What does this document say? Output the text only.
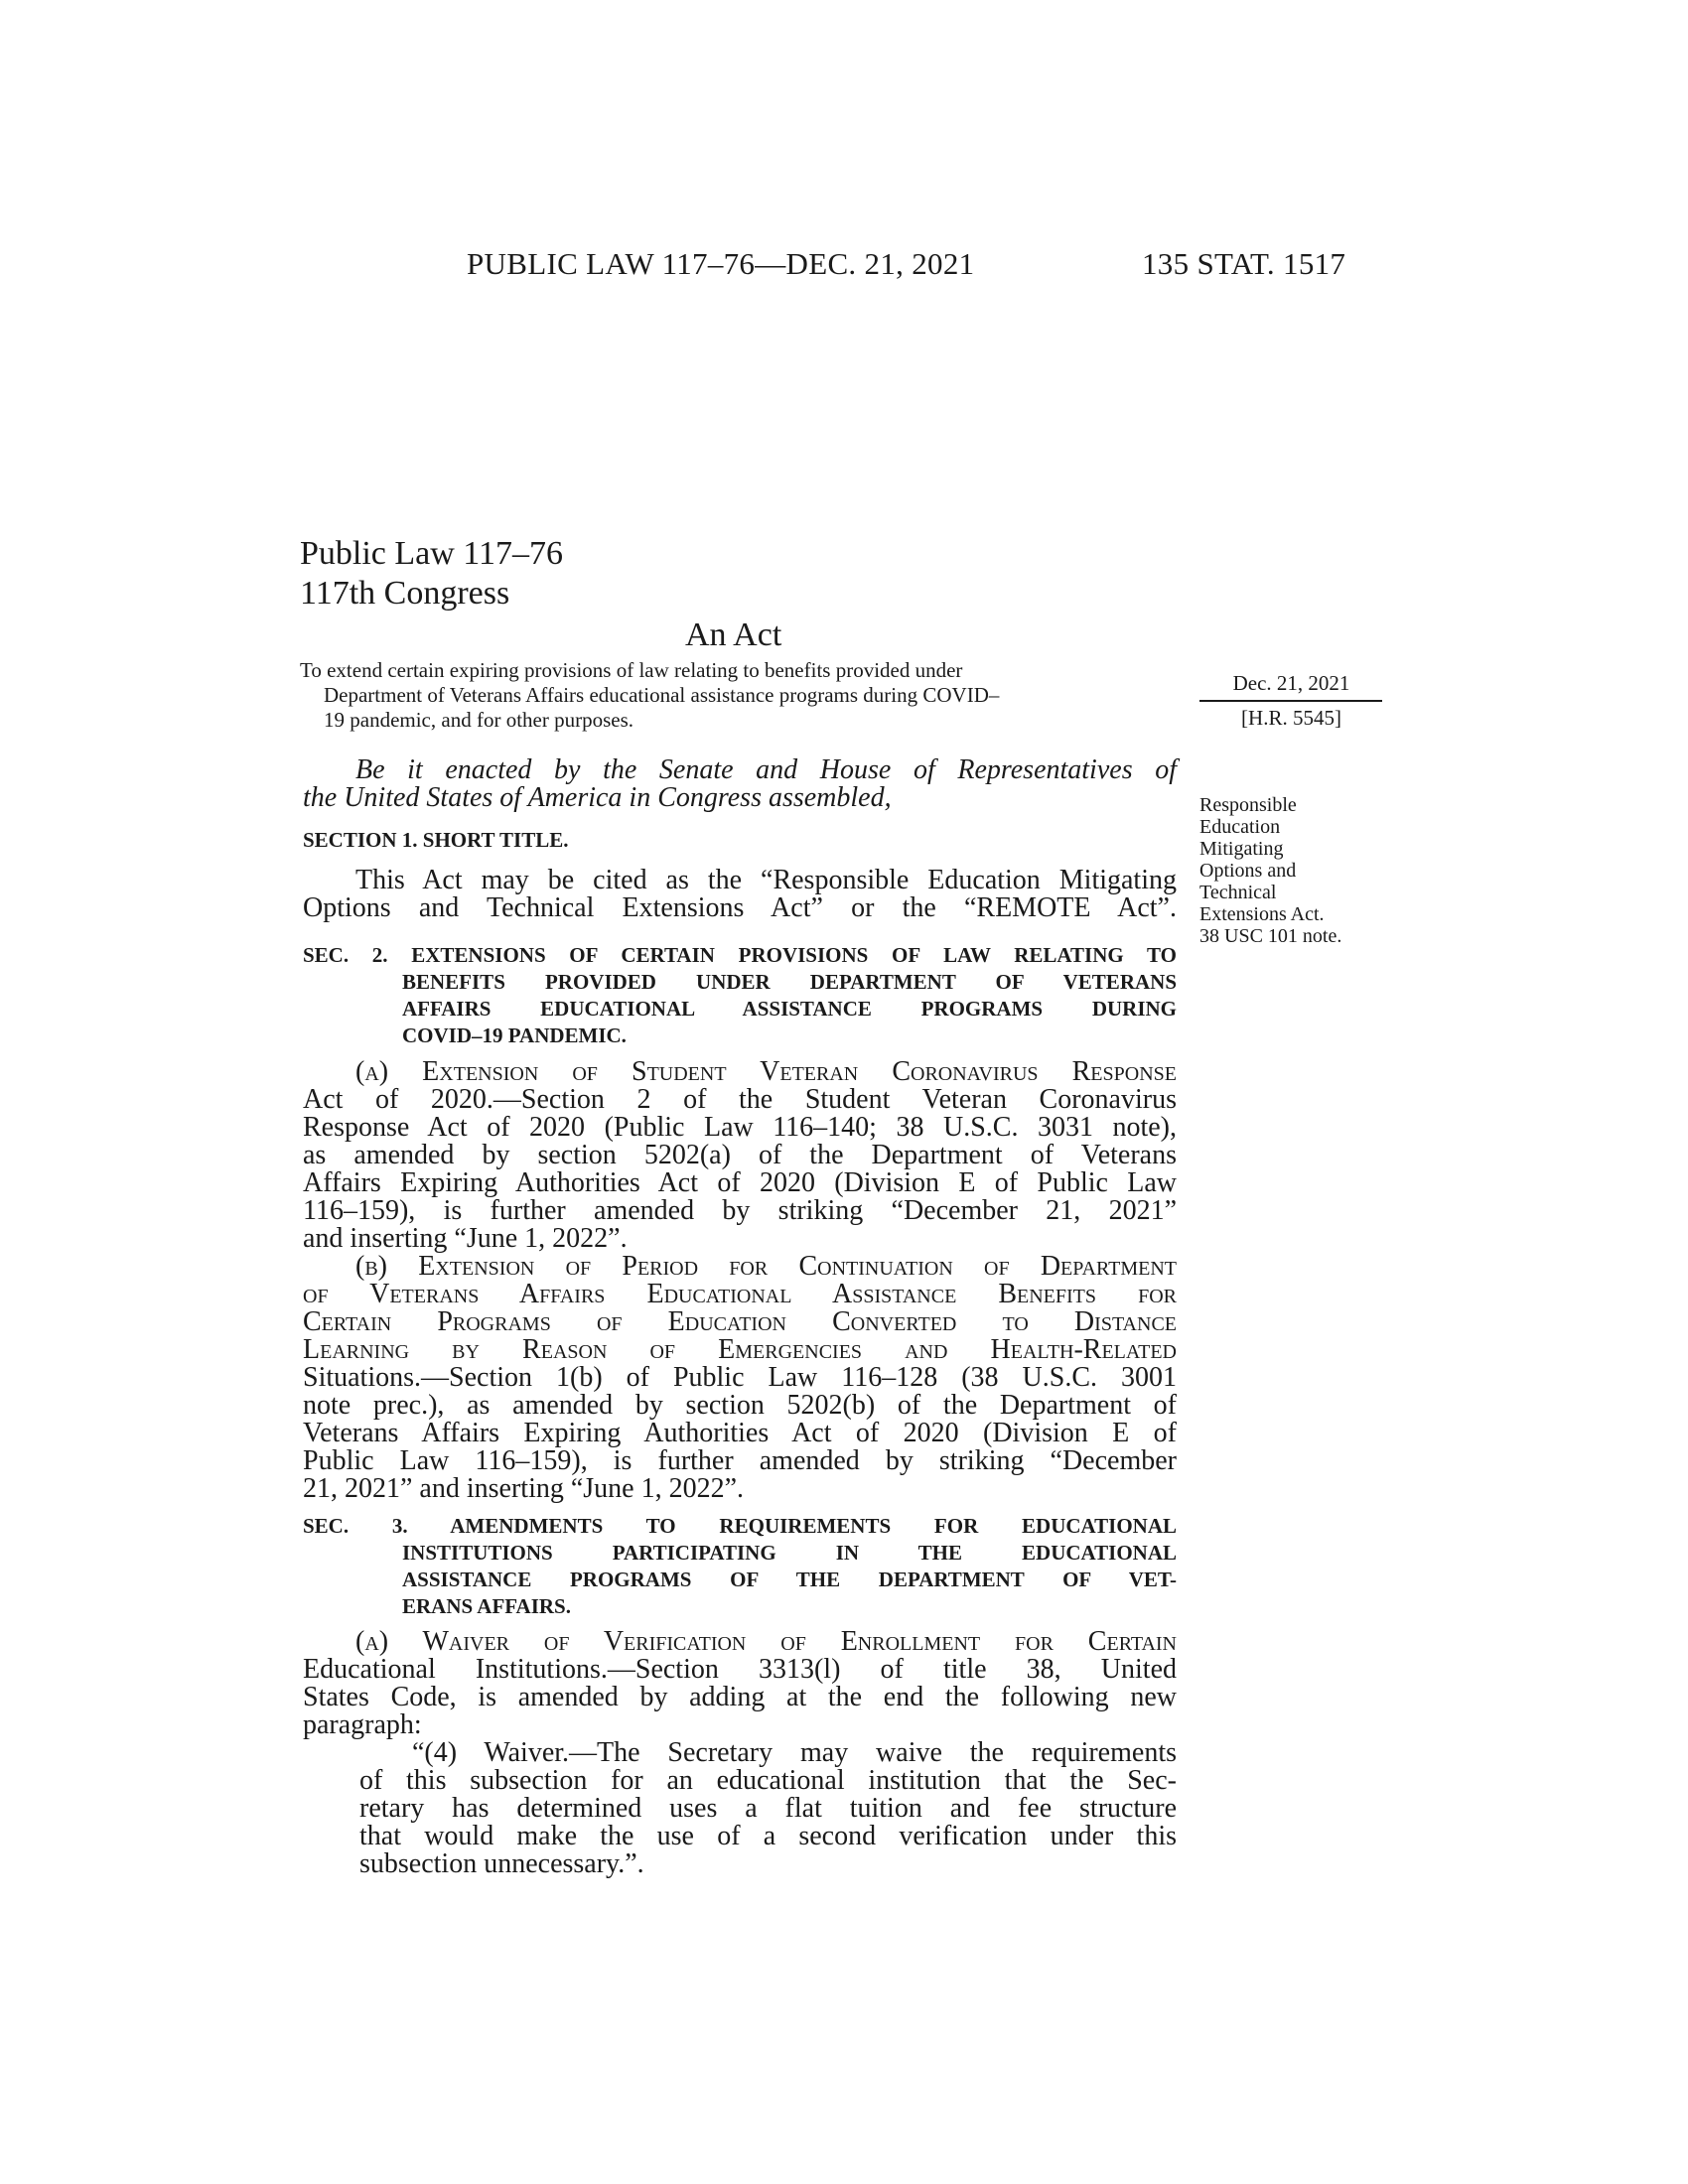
PUBLIC LAW 117–76—DEC. 21, 2021	135 STAT. 1517
Public Law 117–76
117th Congress
An Act
To extend certain expiring provisions of law relating to benefits provided under
Department of Veterans Affairs educational assistance programs during COVID–
19 pandemic, and for other purposes.
Dec. 21, 2021
[H.R. 5545]
Responsible
Education
Mitigating
Options and
Technical
Extensions Act.
38 USC 101 note.
Be it enacted by the Senate and House of Representatives of
the United States of America in Congress assembled,
SECTION 1. SHORT TITLE.
This Act may be cited as the “Responsible Education Mitigating
Options and Technical Extensions Act” or the “REMOTE Act”.
SEC. 2. EXTENSIONS OF CERTAIN PROVISIONS OF LAW RELATING TO
BENEFITS PROVIDED UNDER DEPARTMENT OF VETERANS
AFFAIRS EDUCATIONAL ASSISTANCE PROGRAMS DURING
COVID–19 PANDEMIC.
(a) Extension of Student Veteran Coronavirus Response
Act of 2020.—Section 2 of the Student Veteran Coronavirus
Response Act of 2020 (Public Law 116–140; 38 U.S.C. 3031 note),
as amended by section 5202(a) of the Department of Veterans
Affairs Expiring Authorities Act of 2020 (Division E of Public Law
116–159), is further amended by striking “December 21, 2021”
and inserting “June 1, 2022”.
(b) Extension of Period for Continuation of Department
of Veterans Affairs Educational Assistance Benefits for
Certain Programs of Education Converted to Distance
Learning by Reason of Emergencies and Health-Related
Situations.—Section 1(b) of Public Law 116–128 (38 U.S.C. 3001
note prec.), as amended by section 5202(b) of the Department of
Veterans Affairs Expiring Authorities Act of 2020 (Division E of
Public Law 116–159), is further amended by striking “December
21, 2021” and inserting “June 1, 2022”.
SEC. 3. AMENDMENTS TO REQUIREMENTS FOR EDUCATIONAL
INSTITUTIONS PARTICIPATING IN THE EDUCATIONAL
ASSISTANCE PROGRAMS OF THE DEPARTMENT OF VET-
ERANS AFFAIRS.
(a) Waiver of Verification of Enrollment for Certain
Educational Institutions.—Section 3313(l) of title 38, United
States Code, is amended by adding at the end the following new
paragraph:
“(4) Waiver.—The Secretary may waive the requirements
of this subsection for an educational institution that the Sec-
retary has determined uses a flat tuition and fee structure
that would make the use of a second verification under this
subsection unnecessary.”.
